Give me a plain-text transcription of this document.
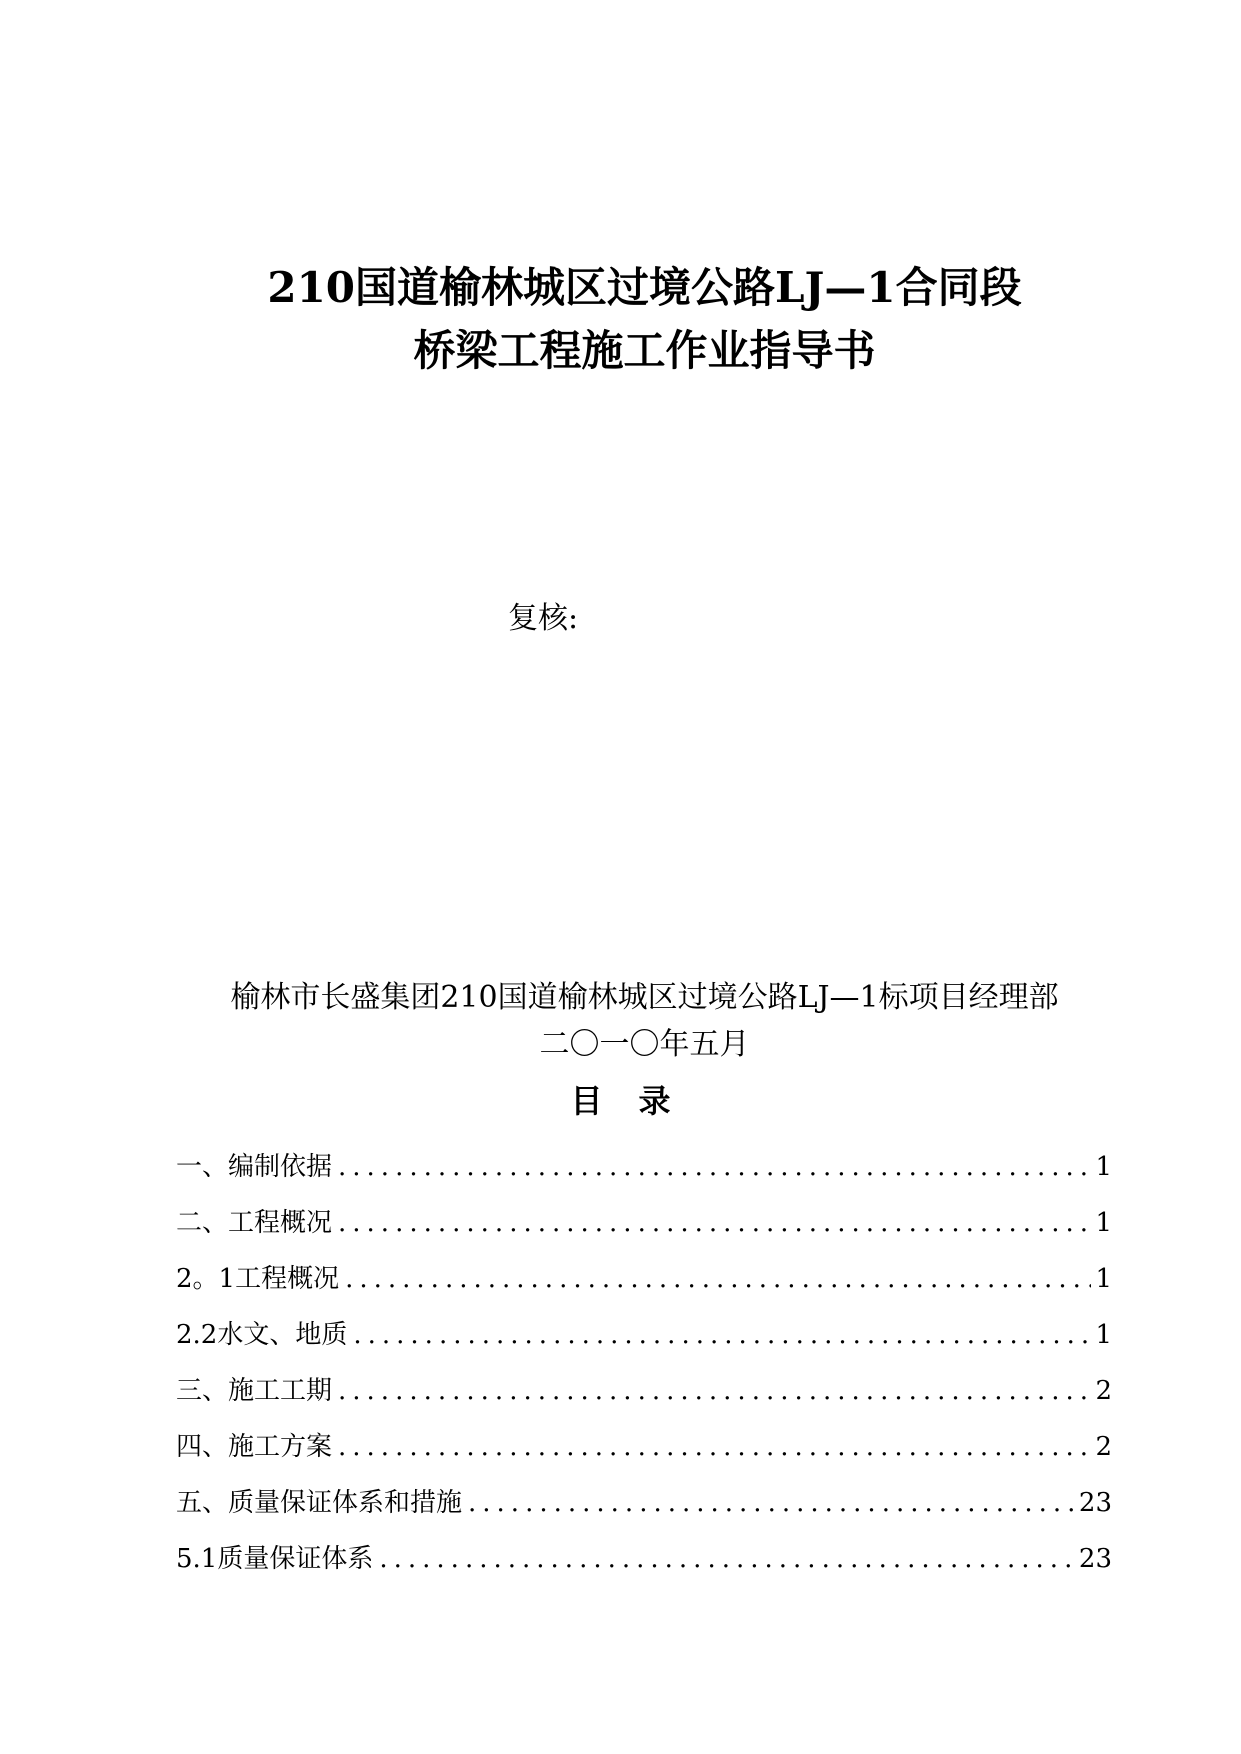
210国道榆林城区过境公路LJ—1合同段
桥梁工程施工作业指导书
复核:
榆林市长盛集团210国道榆林城区过境公路LJ—1标项目经理部
二〇一〇年五月
目 录
一、编制依据 .....	1
二、工程概况 .....	1
2。1工程概况 .....	1
2.2水文、地质 .....	1
三、施工工期 .....	2
四、施工方案 .....	2
五、质量保证体系和措施 .....	23
5.1质量保证体系 .....	23
